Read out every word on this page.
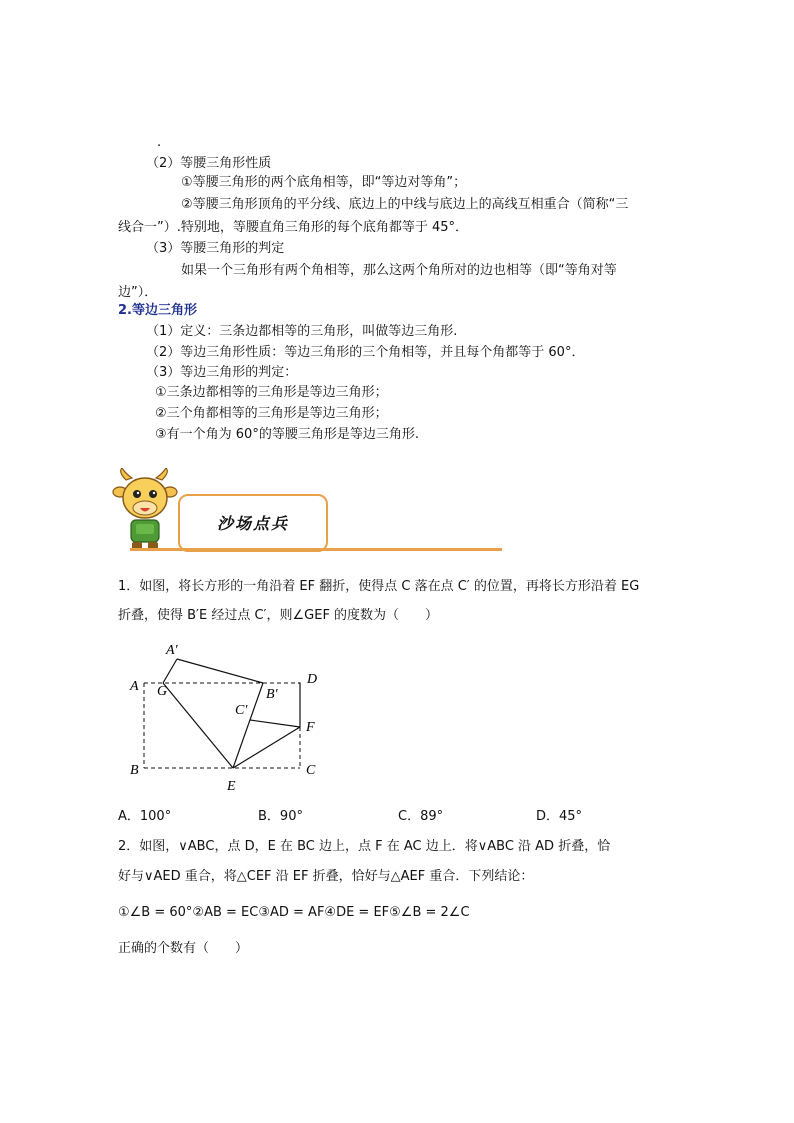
.
（2）等腰三角形性质
①等腰三角形的两个底角相等，即“等边对等角”；
②等腰三角形顶角的平分线、底边上的中线与底边上的高线互相重合（简称“三
线合一”）.特别地，等腰直角三角形的每个底角都等于 45°．
（3）等腰三角形的判定
如果一个三角形有两个角相等，那么这两个角所对的边也相等（即“等角对等
边”）．
2.等边三角形
（1）定义：三条边都相等的三角形，叫做等边三角形.
（2）等边三角形性质：等边三角形的三个角相等，并且每个角都等于 60°．
（3）等边三角形的判定：
①三条边都相等的三角形是等边三角形；
②三个角都相等的三角形是等边三角形；
③有一个角为 60°的等腰三角形是等边三角形.
沙场点兵
1．如图，将长方形的一角沿着 EF 翻折，使得点 C 落在点 C′ 的位置，再将长方形沿着 EG
折叠，使得 B′E 经过点 C′，则∠GEF 的度数为（　　）
A′
A G
D
B′
C′
F
B
E
C
A．100°	B．90°	C．89°	D．45°
2．如图，∨ABC，点 D，E 在 BC 边上，点 F 在 AC 边上．将∨ABC 沿 AD 折叠，恰
好与∨AED 重合，将△CEF 沿 EF 折叠，恰好与△AEF 重合．下列结论：
①∠B = 60°②AB = EC③AD = AF④DE = EF⑤∠B = 2∠C
正确的个数有（　　）
